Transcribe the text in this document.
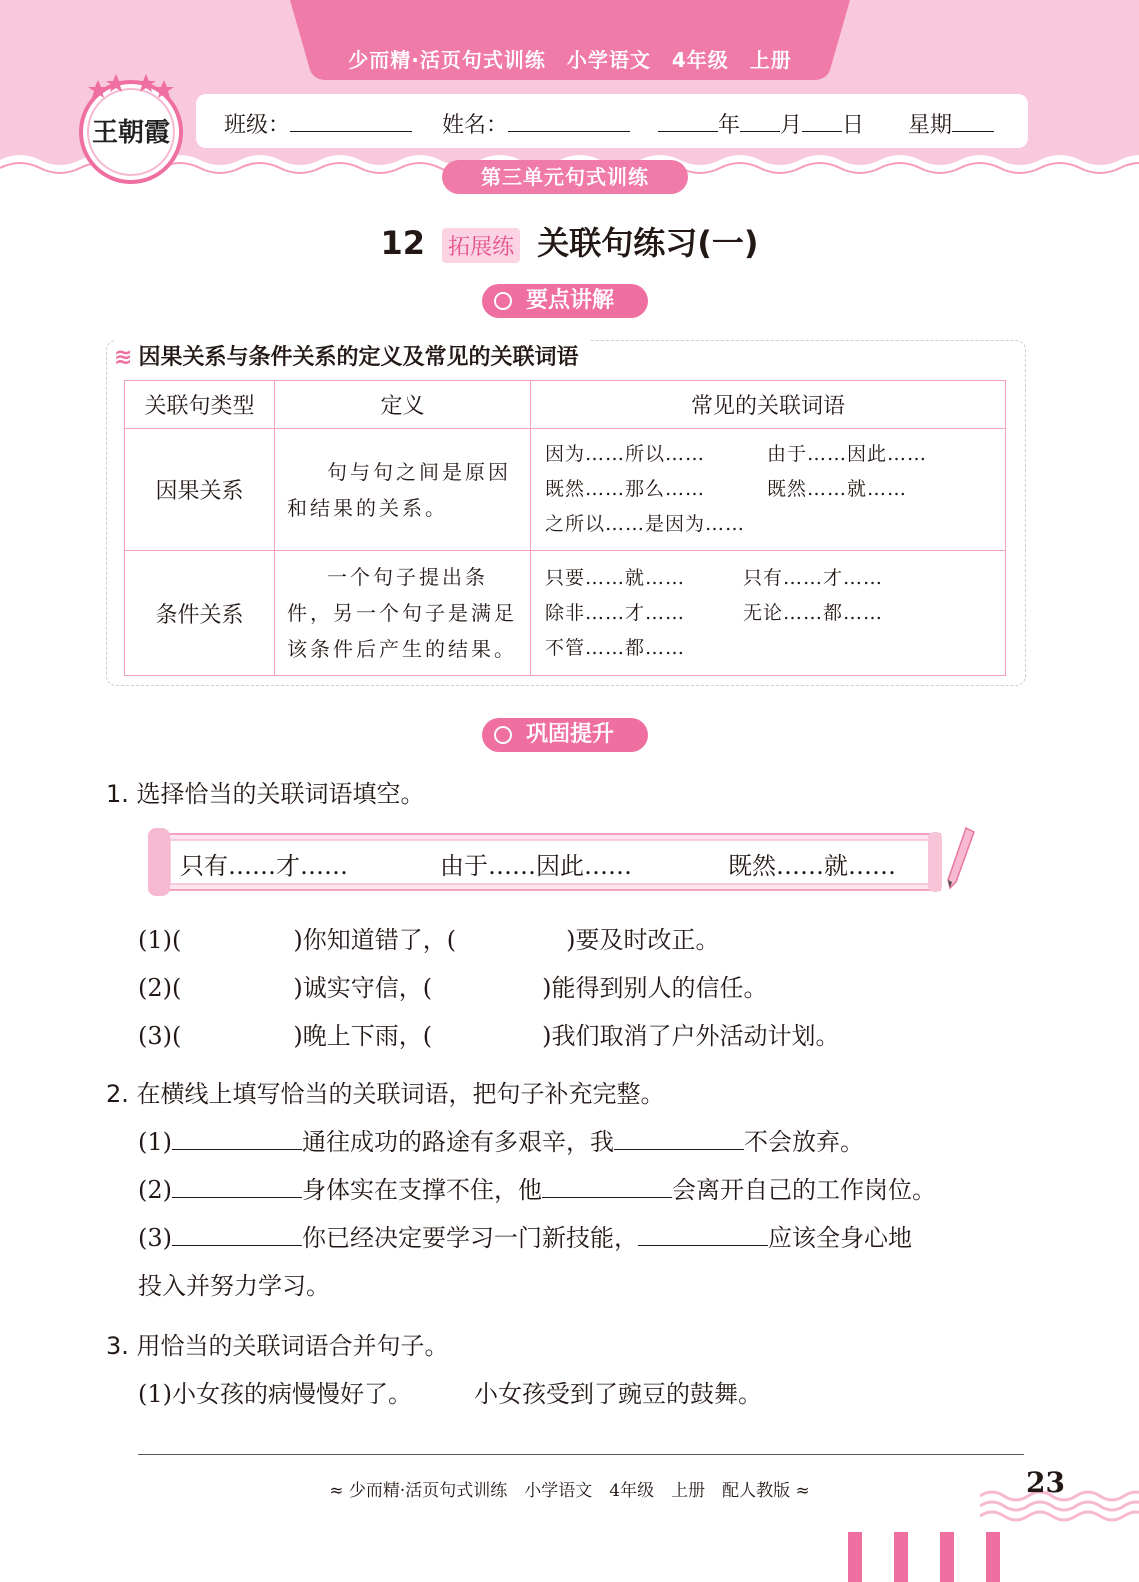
少而精·活页句式训练　小学语文　4年级　上册
王朝霞	班级：	姓名：	年 月 日 星期
第三单元句式训练
12 拓展练 关联句练习(一)
要点讲解
≋ 因果关系与条件关系的定义及常见的关联词语
关联句类型	定义	常见的关联词语
因果关系	句与句之间是原因和结果的关系。	因为……所以…… 由于……因此……
既然……那么…… 既然……就……
之所以……是因为……

条件关系	一个句子提出条件，另一个句子是满足该条件后产生的结果。	只要……就…… 只有……才……
除非……才…… 无论……都……
不管……都……
巩固提升
1. 选择恰当的关联词语填空。
只有……才……	由于……因此……	既然……就……
(1)(	)你知道错了，(	)要及时改正。
(2)(	)诚实守信，(	)能得到别人的信任。
(3)(	)晚上下雨，(	)我们取消了户外活动计划。
2. 在横线上填写恰当的关联词语，把句子补充完整。
(1)	通往成功的路途有多艰辛，我	不会放弃。
(2)	身体实在支撑不住，他	会离开自己的工作岗位。
(3)	你已经决定要学习一门新技能，	应该全身心地
投入并努力学习。
3. 用恰当的关联词语合并句子。
(1)小女孩的病慢慢好了。	小女孩受到了豌豆的鼓舞。
≈ 少而精·活页句式训练　小学语文　4年级　上册　配人教版 ≈	23
